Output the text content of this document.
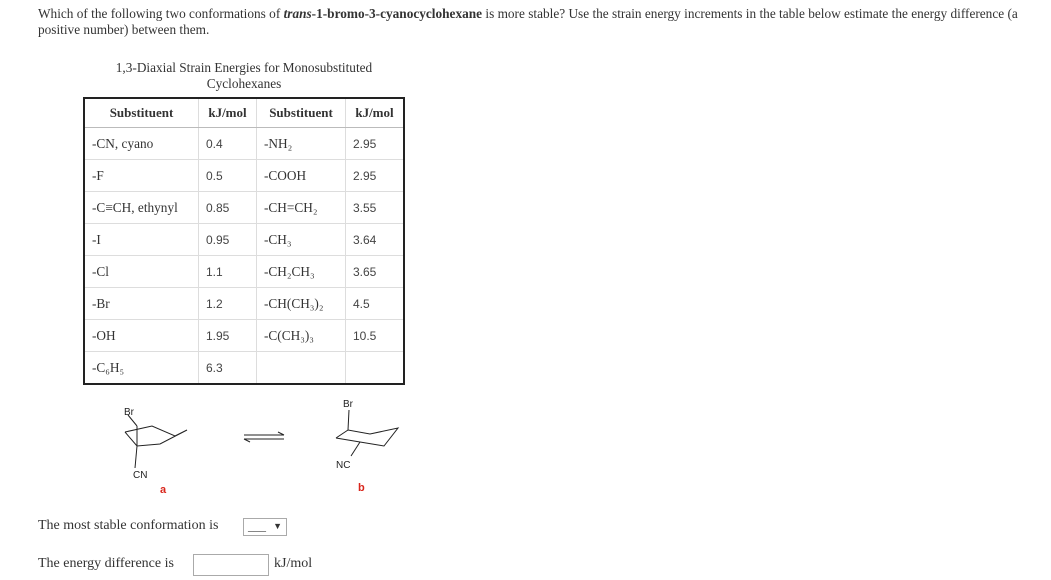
Which of the following two conformations of trans-1-bromo-3-cyanocyclohexane is more stable? Use the strain energy increments in the table below estimate the energy difference (a positive number) between them.
1,3-Diaxial Strain Energies for Monosubstituted Cyclohexanes
Substituent	kJ/mol	Substituent	kJ/mol
-CN, cyano	0.4	-NH₂	2.95
-F	0.5	-COOH	2.95
-C≡CH, ethynyl	0.85	-CH=CH₂	3.55
-I	0.95	-CH₃	3.64
-Cl	1.1	-CH₂CH₃	3.65
-Br	1.2	-CH(CH₃)₂	4.5
-OH	1.95	-C(CH₃)₃	10.5
-C₆H₅	6.3		
Br
CN
a
Br
NC
b
The most stable conformation is ___ ▼
The energy difference is	kJ/mol
